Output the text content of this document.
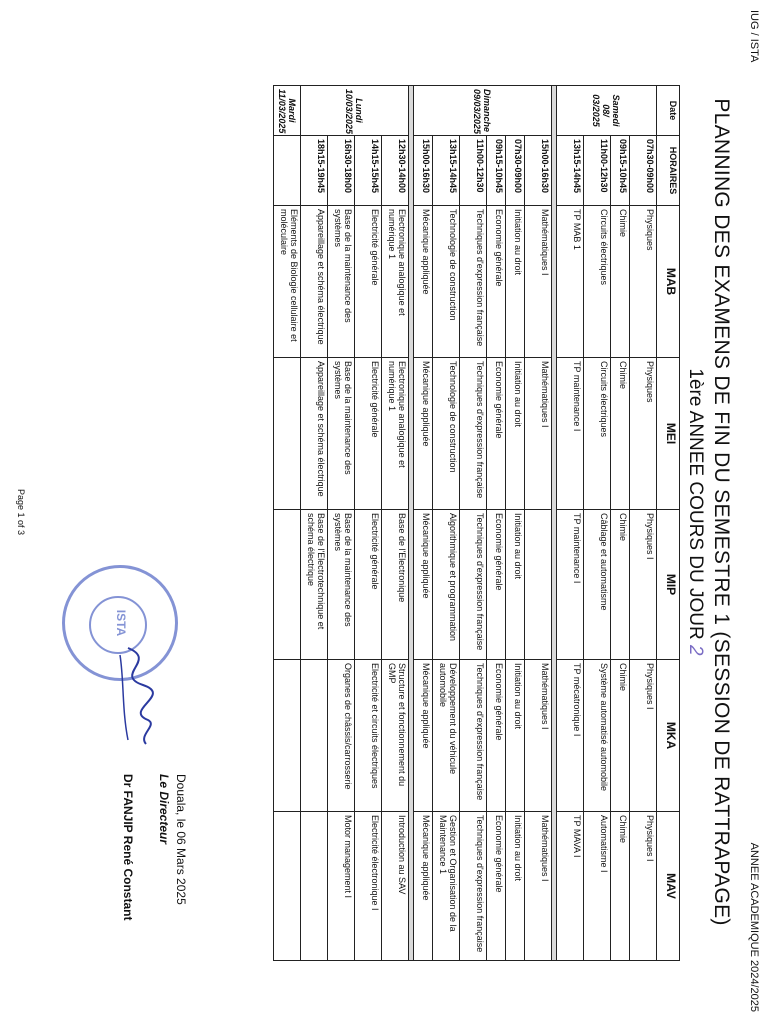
IUG / ISTA
ANNEE ACADEMIQUE 2024/2025
PLANNING DES EXAMENS DE FIN DU SEMESTRE 1 (SESSION DE RATTRAPAGE)
1ère ANNEE COURS DU JOUR 2
Date	HORAIRES	MAB	MEI	MIP	MKA	MAV
Samedi 08/ 03/2025	07h30-09h00	Physiques	Physiques	Physiques I	Physiques I	Physiques I
	09h15-10h45	Chimie	Chimie	Chimie	Chimie	Chimie
	11h00-12h30	Circuits électriques	Circuits électriques	Câblage et automatisme	Système automatisé automobile	Automatisme I
	13h15-14h45	TP MAB 1	TP maintenance I	TP maintenance I	TP mécatronique I	TP MAVA I

Dimanche 09/03/2025	15h00-16h30	Mathématiques I	Mathématiques I		Mathématiques I	Mathématiques I
	07h30-09h00	Initiation au droit	Initiation au droit	Initiation au droit	Initiation au droit	Initiation au droit
	09h15-10h45	Economie générale	Economie générale	Economie générale	Economie générale	Economie générale
	11h00-12h30	Techniques d'expression française	Techniques d'expression française	Techniques d'expression française	Techniques d'expression française	Techniques d'expression française
	13h15-14h45	Technologie de construction	Technologie de construction	Algorithmique et programmation	Développement du véhicule automobile	Gestion et Organisation de la Maintenance 1
	15h00-16h30	Mécanique appliquée	Mécanique appliquée	Mécanique appliquée	Mécanique appliquée	Mécanique appliquée

Lundi 10/03/2025	12h30-14h00	Electronique analogique et numérique 1	Electronique analogique et numérique 1	Base de l'Electronique	Structure et fonctionnement du GMP	Introduction au SAV
	14h15-15h45	Electricité générale	Electricité générale	Electricité générale	Electricité et circuits électriques	Electricité électronique I
	16h30-18h00	Base de la maintenance des systèmes	Base de la maintenance des systèmes	Base de la maintenance des systèmes	Organes de châssis/carrosserie	Motor management I
	18h15-19h45	Appareillage et schéma électrique	Appareillage et schéma électrique	Base de l'Electrotechnique et schéma électrique		
Mardi 11/03/2025		Eléments de Biologie cellulaire et moléculaire				
ISTA
Douala, le 06 Mars 2025
Le Directeur
Dr FANJIP René Constant
Page 1 of 3
